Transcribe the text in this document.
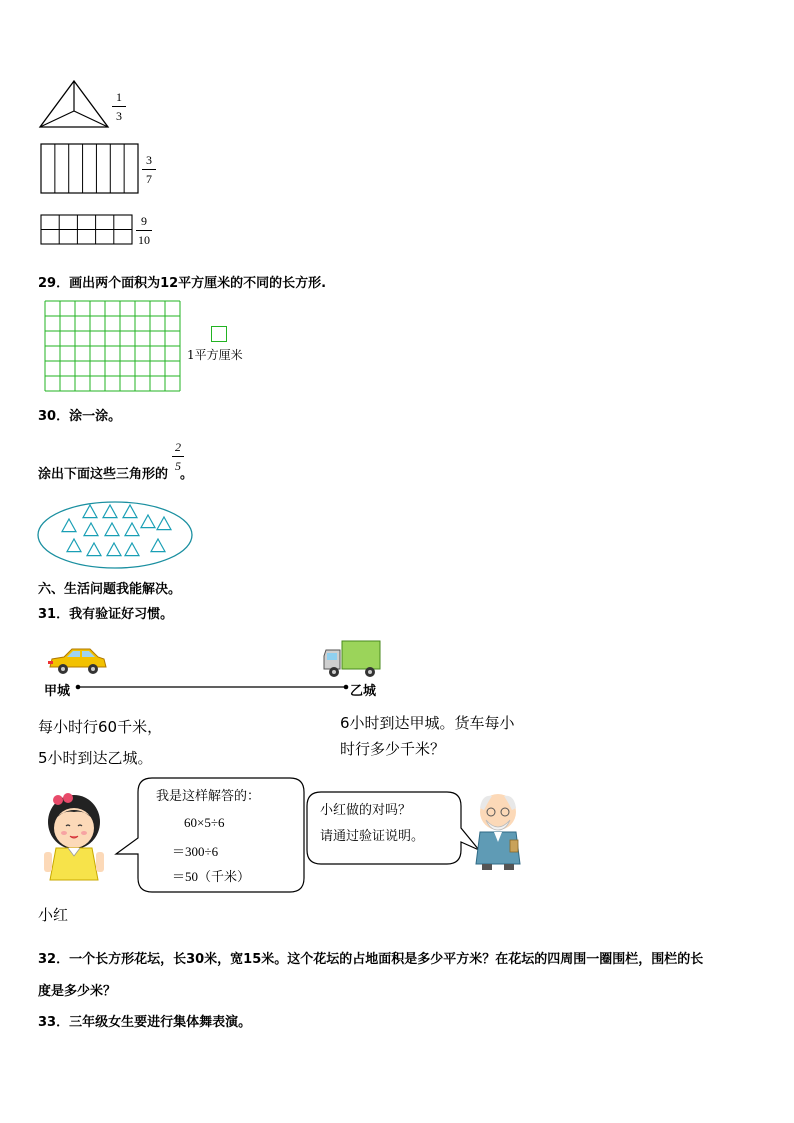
1
3
3
7
9
10
29．画出两个面积为12平方厘米的不同的长方形.
1平方厘米
30．涂一涂。
涂出下面这些三角形的 。
2
5
六、生活问题我能解决。
31．我有验证好习惯。
甲城	乙城
每小时行60千米，
5小时到达乙城。
6小时到达甲城。货车每小
时行多少千米？
我是这样解答的：
60×5÷6
＝300÷6
＝50（千米）
小红做的对吗？
请通过验证说明。
小红
32．一个长方形花坛，长30米，宽15米。这个花坛的占地面积是多少平方米？在花坛的四周围一圈围栏，围栏的长
度是多少米？
33．三年级女生要进行集体舞表演。
